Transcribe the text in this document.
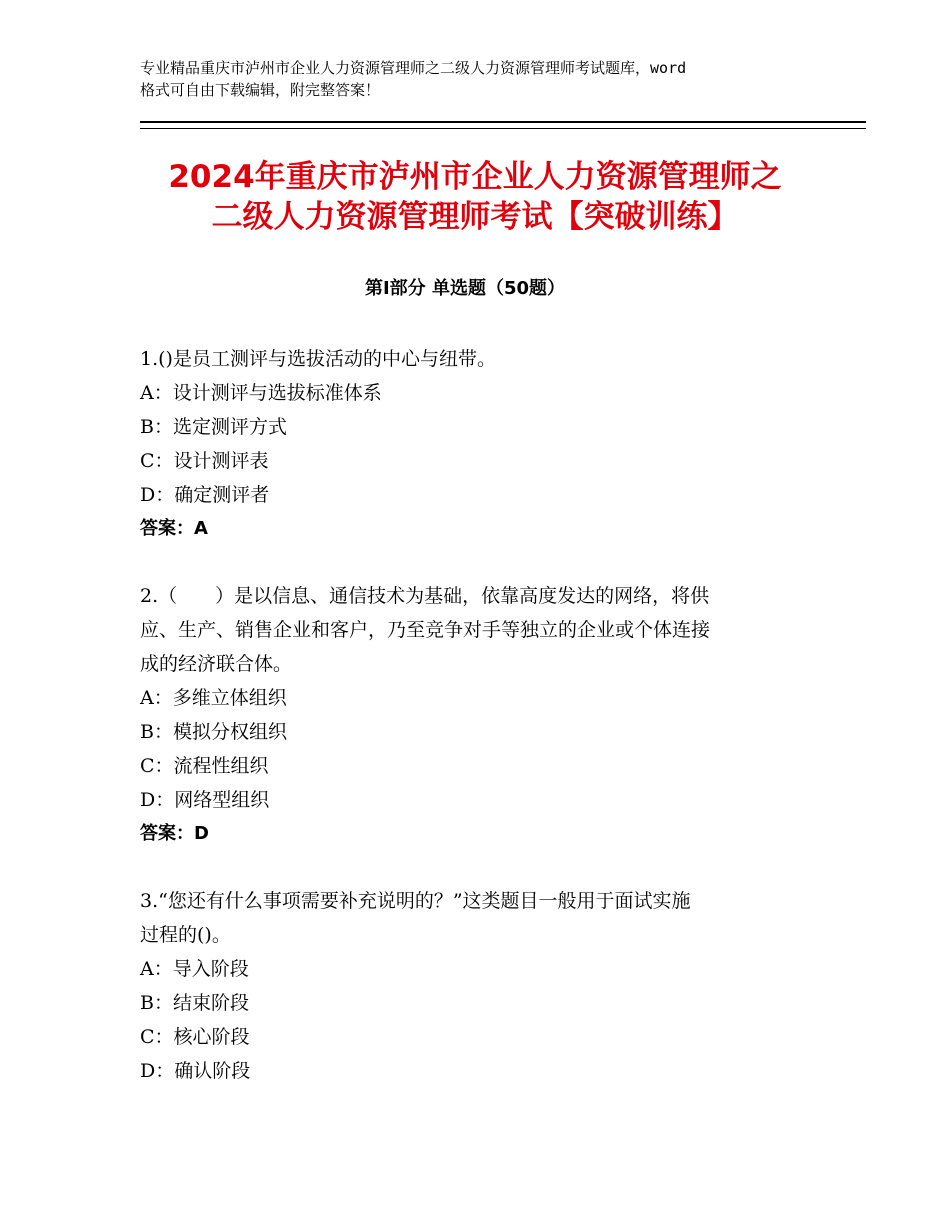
专业精品重庆市泸州市企业人力资源管理师之二级人力资源管理师考试题库，word
格式可自由下载编辑，附完整答案！
2024年重庆市泸州市企业人力资源管理师之
二级人力资源管理师考试【突破训练】
第Ⅰ部分 单选题（50题）

1.()是员工测评与选拔活动的中心与纽带。

A：设计测评与选拔标准体系

B：选定测评方式

C：设计测评表

D：确定测评者

答案：A

2.（　　）是以信息、通信技术为基础，依靠高度发达的网络，将供

应、生产、销售企业和客户，乃至竞争对手等独立的企业或个体连接

成的经济联合体。

A：多维立体组织

B：模拟分权组织

C：流程性组织

D：网络型组织

答案：D

3.“您还有什么事项需要补充说明的？”这类题目一般用于面试实施

过程的()。

A：导入阶段

B：结束阶段

C：核心阶段

D：确认阶段
